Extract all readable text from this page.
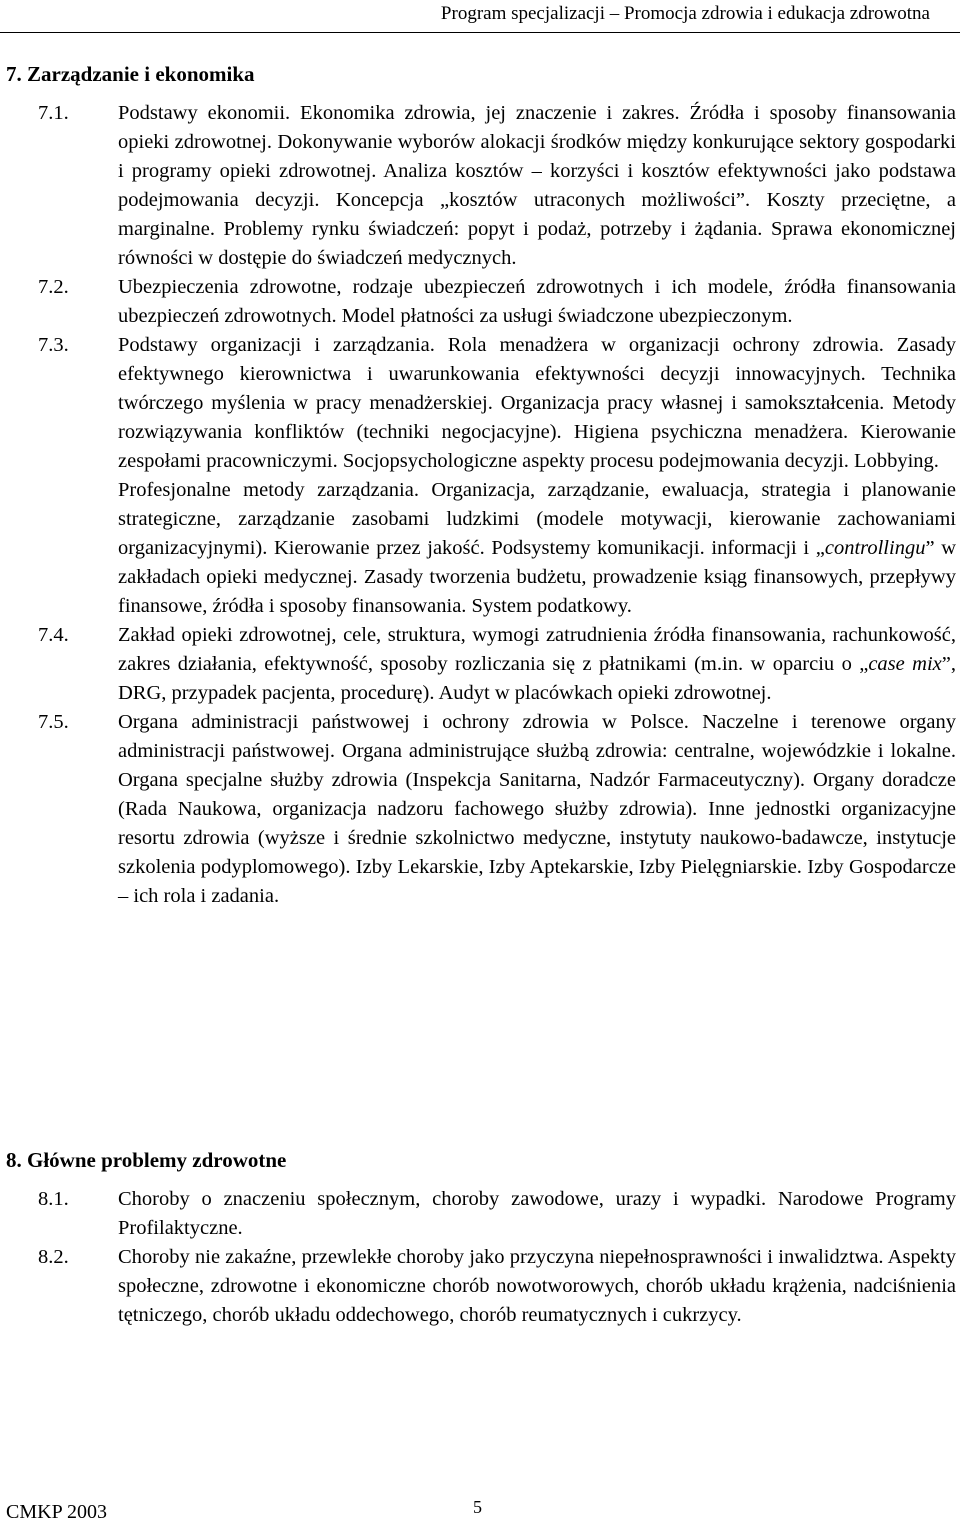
Program specjalizacji – Promocja zdrowia i edukacja zdrowotna
7. Zarządzanie i ekonomika
7.1.	Podstawy ekonomii. Ekonomika zdrowia, jej znaczenie i zakres. Źródła i sposoby finansowania opieki zdrowotnej. Dokonywanie wyborów alokacji środków między konkurujące sektory gospodarki i programy opieki zdrowotnej. Analiza kosztów – korzyści i kosztów efektywności jako podstawa podejmowania decyzji. Koncepcja „kosztów utraconych możliwości”. Koszty przeciętne, a marginalne. Problemy rynku świadczeń: popyt i podaż, potrzeby i żądania. Sprawa ekonomicznej równości w dostępie do świadczeń medycznych.

7.2.	Ubezpieczenia zdrowotne, rodzaje ubezpieczeń zdrowotnych i ich modele, źródła finansowania ubezpieczeń zdrowotnych. Model płatności za usługi świadczone ubezpieczonym.

7.3.	Podstawy organizacji i zarządzania. Rola menadżera w organizacji ochrony zdrowia. Zasady efektywnego kierownictwa i uwarunkowania efektywności decyzji innowacyjnych. Technika twórczego myślenia w pracy menadżerskiej. Organizacja pracy własnej i samokształcenia. Metody rozwiązywania konfliktów (techniki negocjacyjne). Higiena psychiczna menadżera. Kierowanie zespołami pracowniczymi. Socjopsychologiczne aspekty procesu podejmowania decyzji. Lobbying.

Profesjonalne metody zarządzania. Organizacja, zarządzanie, ewaluacja, strategia i planowanie strategiczne, zarządzanie zasobami ludzkimi (modele motywacji, kierowanie zachowaniami organizacyjnymi). Kierowanie przez jakość. Podsystemy komunikacji. informacji i „controllingu” w zakładach opieki medycznej. Zasady tworzenia budżetu, prowadzenie ksiąg finansowych, przepływy finansowe, źródła i sposoby finansowania. System podatkowy.

7.4.	Zakład opieki zdrowotnej, cele, struktura, wymogi zatrudnienia źródła finansowania, rachunkowość, zakres działania, efektywność, sposoby rozliczania się z płatnikami (m.in. w oparciu o „case mix”, DRG, przypadek pacjenta, procedurę). Audyt w placówkach opieki zdrowotnej.

7.5.	Organa administracji państwowej i ochrony zdrowia w Polsce. Naczelne i terenowe organy administracji państwowej. Organa administrujące służbą zdrowia: centralne, wojewódzkie i lokalne. Organa specjalne służby zdrowia (Inspekcja Sanitarna, Nadzór Farmaceutyczny). Organy doradcze (Rada Naukowa, organizacja nadzoru fachowego służby zdrowia). Inne jednostki organizacyjne resortu zdrowia (wyższe i średnie szkolnictwo medyczne, instytuty naukowo-badawcze, instytucje szkolenia podyplomowego). Izby Lekarskie, Izby Aptekarskie, Izby Pielęgniarskie. Izby Gospodarcze – ich rola i zadania.

8. Główne problemy zdrowotne
8.1.	Choroby o znaczeniu społecznym, choroby zawodowe, urazy i wypadki. Narodowe Programy Profilaktyczne.

8.2.	Choroby nie zakaźne, przewlekłe choroby jako przyczyna niepełnosprawności i inwalidztwa. Aspekty społeczne, zdrowotne i ekonomiczne chorób nowotworowych, chorób układu krążenia, nadciśnienia tętniczego, chorób układu oddechowego, chorób reumatycznych i cukrzycy.

CMKP 2003	5
